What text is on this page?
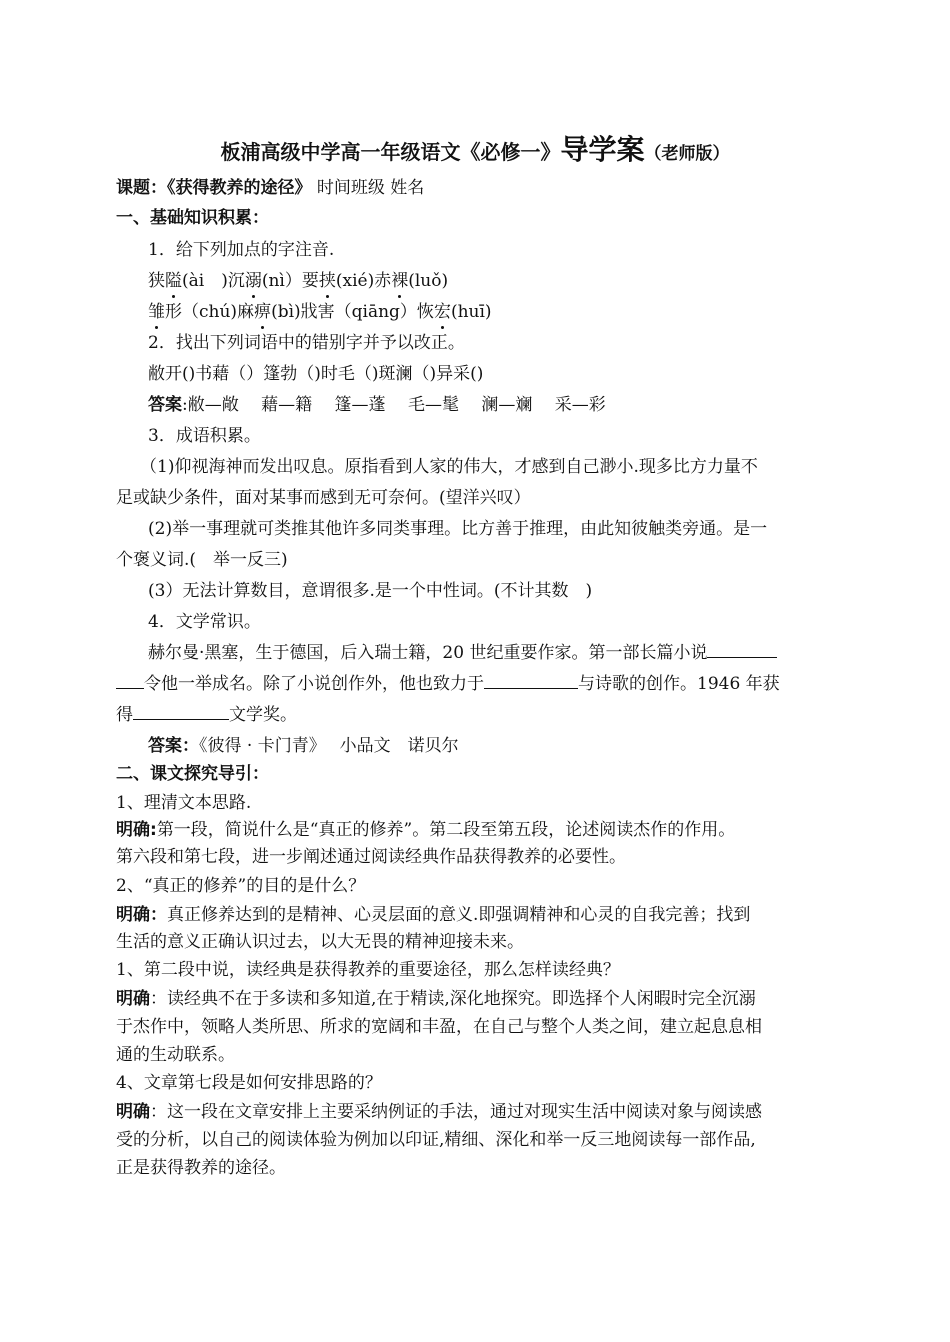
板浦高级中学高一年级语文《必修一》导学案（老师版）
课题：《获得教养的途径》 时间班级 姓名
一、基础知识积累：
1．给下列加点的字注音.
狭隘(ài　)沉溺(nì）要挟(xié)赤裸(luǒ)
雏形（chú)麻痹(bì)戕害（qiāng）恢宏(huī)
2．找出下列词语中的错别字并予以改正。
敝开()书藉（）篷勃（)时毛（)斑澜（)异采()
答案:敝—敞　 藉—籍　 篷—蓬　 毛—髦　 澜—斓　 采—彩
3．成语积累。
（1)仰视海神而发出叹息。原指看到人家的伟大，才感到自己渺小.现多比方力量不
足或缺少条件，面对某事而感到无可奈何。(望洋兴叹）
(2)举一事理就可类推其他许多同类事理。比方善于推理，由此知彼触类旁通。是一
个褒义词.(　举一反三)
(3）无法计算数目，意谓很多.是一个中性词。(不计其数　)
4．文学常识。
赫尔曼·黑塞，生于德国，后入瑞士籍，20 世纪重要作家。第一部长篇小说
令他一举成名。除了小说创作外，他也致力于	与诗歌的创作。1946 年获
得	文学奖。
答案：《彼得 · 卡门青》　 小品文　诺贝尔
二、课文探究导引：
1、理清文本思路.
明确:第一段，简说什么是“真正的修养”。第二段至第五段，论述阅读杰作的作用。
第六段和第七段，进一步阐述通过阅读经典作品获得教养的必要性。
2、“真正的修养”的目的是什么？
明确：真正修养达到的是精神、心灵层面的意义.即强调精神和心灵的自我完善；找到
生活的意义正确认识过去，以大无畏的精神迎接未来。
1、第二段中说，读经典是获得教养的重要途径，那么怎样读经典？
明确：读经典不在于多读和多知道,在于精读,深化地探究。即选择个人闲暇时完全沉溺
于杰作中，领略人类所思、所求的宽阔和丰盈，在自己与整个人类之间，建立起息息相
通的生动联系。
4、文章第七段是如何安排思路的？
明确：这一段在文章安排上主要采纳例证的手法，通过对现实生活中阅读对象与阅读感
受的分析，以自己的阅读体验为例加以印证,精细、深化和举一反三地阅读每一部作品,
正是获得教养的途径。
